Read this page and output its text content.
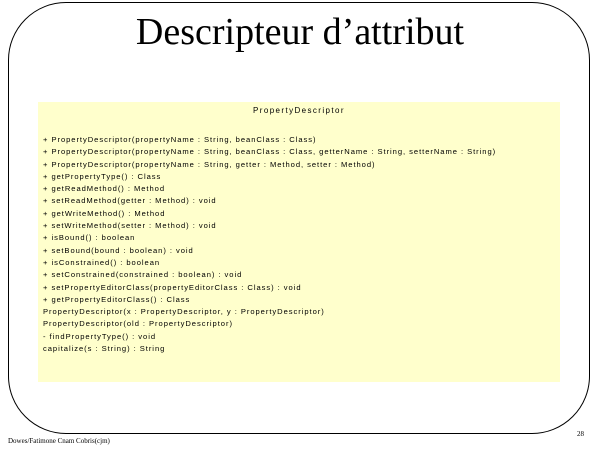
Descripteur d’attribut
PropertyDescriptor
+ PropertyDescriptor(propertyName : String, beanClass : Class)
+ PropertyDescriptor(propertyName : String, beanClass : Class, getterName : String, setterName : String)
+ PropertyDescriptor(propertyName : String, getter : Method, setter : Method)
+ getPropertyType() : Class
+ getReadMethod() : Method
+ setReadMethod(getter : Method) : void
+ getWriteMethod() : Method
+ setWriteMethod(setter : Method) : void
+ isBound() : boolean
+ setBound(bound : boolean) : void
+ isConstrained() : boolean
+ setConstrained(constrained : boolean) : void
+ setPropertyEditorClass(propertyEditorClass : Class) : void
+ getPropertyEditorClass() : Class
PropertyDescriptor(x : PropertyDescriptor, y : PropertyDescriptor)
PropertyDescriptor(old : PropertyDescriptor)
- findPropertyType() : void
capitalize(s : String) : String
Dowes/Fatimone Cnam Cobris(cjm)
28
